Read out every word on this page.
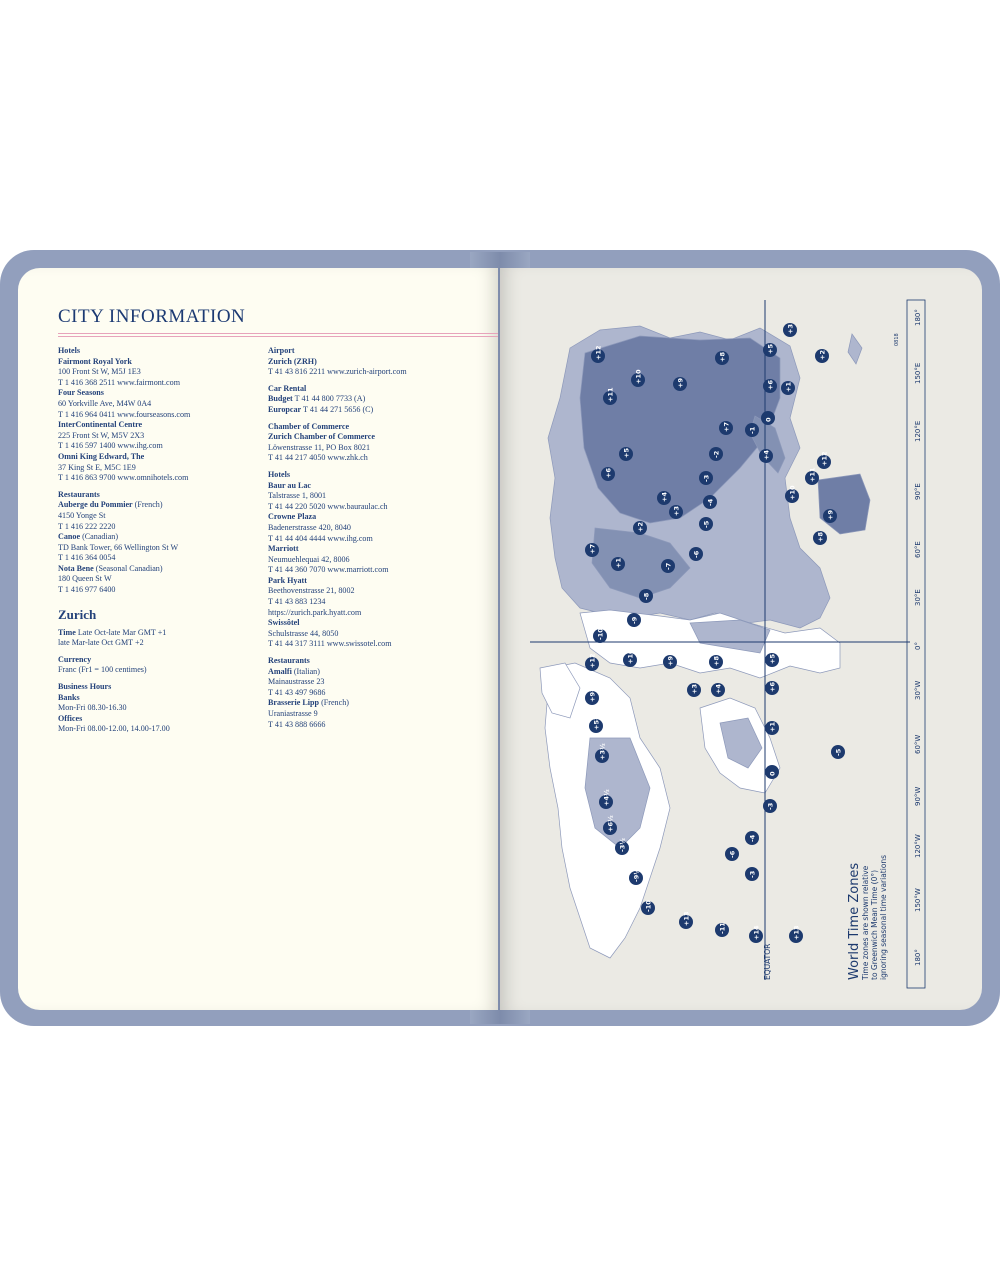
CITY INFORMATION
Hotels
Fairmont Royal York
100 Front St W, M5J 1E3
T 1 416 368 2511 www.fairmont.com
Four Seasons
60 Yorkville Ave, M4W 0A4
T 1 416 964 0411 www.fourseasons.com
InterContinental Centre
225 Front St W, M5V 2X3
T 1 416 597 1400 www.ihg.com
Omni King Edward, The
37 King St E, M5C 1E9
T 1 416 863 9700 www.omnihotels.com
Restaurants
Auberge du Pommier (French)
4150 Yonge St
T 1 416 222 2220
Canoe (Canadian)
TD Bank Tower, 66 Wellington St W
T 1 416 364 0054
Nota Bene (Seasonal Canadian)
180 Queen St W
T 1 416 977 6400
Zurich
Time Late Oct-late Mar GMT +1
late Mar-late Oct GMT +2
Currency
Franc (Fr1 = 100 centimes)
Business Hours
Banks
Mon-Fri 08.30-16.30
Offices
Mon-Fri 08.00-12.00, 14.00-17.00
Airport
Zurich (ZRH)
T 41 43 816 2211 www.zurich-airport.com
Car Rental
Budget T 41 44 800 7733 (A)
Europcar T 41 44 271 5656 (C)
Chamber of Commerce
Zurich Chamber of Commerce
Löwenstrasse 11, PO Box 8021
T 41 44 217 4050 www.zhk.ch
Hotels
Baur au Lac
Talstrasse 1, 8001
T 41 44 220 5020 www.bauraulac.ch
Crowne Plaza
Badenerstrasse 420, 8040
T 41 44 404 4444 www.ihg.com
Marriott
Neumuehlequai 42, 8006
T 41 44 360 7070 www.marriott.com
Park Hyatt
Beethovenstrasse 21, 8002
T 41 43 883 1234
https://zurich.park.hyatt.com
Swissôtel
Schulstrasse 44, 8050
T 41 44 317 3111 www.swissotel.com
Restaurants
Amalfi (Italian)
Mainaustrasse 23
T 41 43 497 9686
Brasserie Lipp (French)
Uraniastrasse 9
T 41 43 888 6666
EQUATOR
180°
150°E
120°E
90°E
60°E
30°E
0°
30°W
60°W
90°W
120°W
150°W
180°
0818
World Time Zones Time zones are shown relative to Greenwich Mean Time (0°) ignoring seasonal time variations
+12
+11
+10	+9
+8
+7
+6
+5
+4
+3
+2
+1
0
-1
-2
-3
-4
-5
-6
-7
-8
-9
-10
+12	+10	+9	+8
+4
+3
+5
+6
+1
0
-3
-4
-5
-6
-3
+9½
+5½
+3½
+4½
+6½
-3½
-9½
-10
+13
-11	+14	+13
+12
+11
+10
+9
+8
+7
+6
+5
+4
+3
+2
+1
